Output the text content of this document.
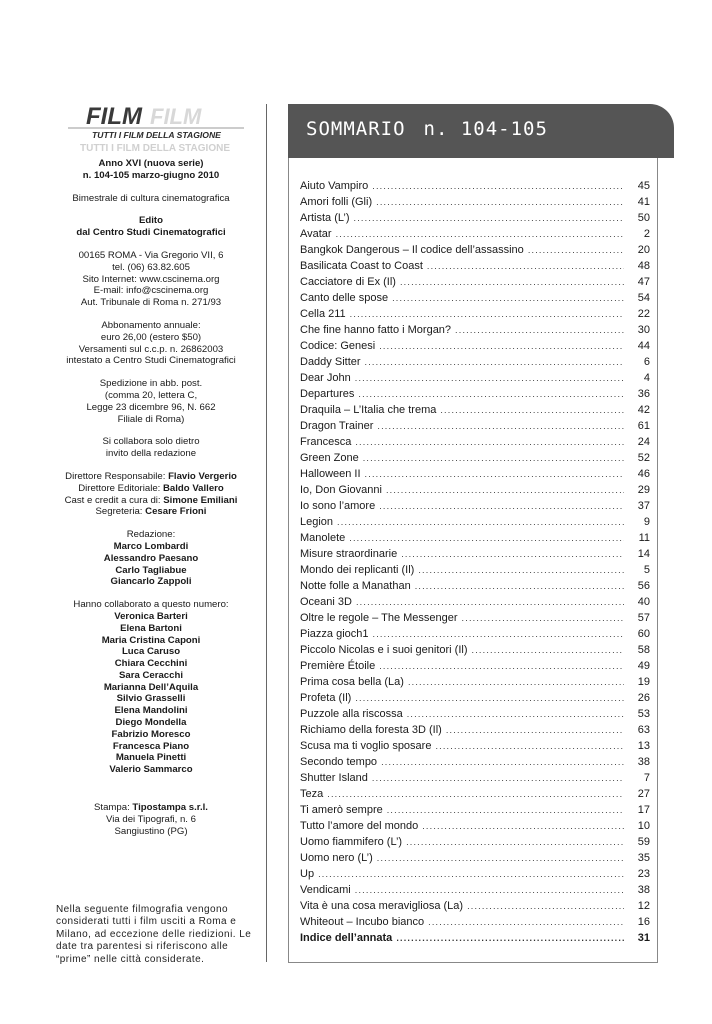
FILM
FILM
TUTTI I FILM DELLA STAGIONE
TUTTI I FILM DELLA STAGIONE
Anno XVI (nuova serie)
n. 104-105 marzo-giugno 2010
Bimestrale di cultura cinematografica
Edito
dal Centro Studi Cinematografici
00165 ROMA - Via Gregorio VII, 6
tel. (06) 63.82.605
Sito Internet: www.cscinema.org
E-mail: info@cscinema.org
Aut. Tribunale di Roma n. 271/93
Abbonamento annuale:
euro 26,00 (estero $50)
Versamenti sul c.c.p. n. 26862003
intestato a Centro Studi Cinematografici
Spedizione in abb. post.
(comma 20, lettera C,
Legge 23 dicembre 96, N. 662
Filiale di Roma)
Si collabora solo dietro
invito della redazione
Direttore Responsabile: Flavio Vergerio
Direttore Editoriale: Baldo Vallero
Cast e credit a cura di: Simone Emiliani
Segreteria: Cesare Frioni
Redazione:
Marco Lombardi
Alessandro Paesano
Carlo Tagliabue
Giancarlo Zappoli
Hanno collaborato a questo numero:
Veronica Barteri
Elena Bartoni
Maria Cristina Caponi
Luca Caruso
Chiara Cecchini
Sara Ceracchi
Marianna Dell’Aquila
Silvio Grasselli
Elena Mandolini
Diego Mondella
Fabrizio Moresco
Francesca Piano
Manuela Pinetti
Valerio Sammarco
Stampa: Tipostampa s.r.l.
Via dei Tipografi, n. 6
Sangiustino (PG)
Nella seguente filmografia vengono considerati tutti i film usciti a Roma e Milano, ad eccezione delle riedizioni. Le date tra parentesi si riferiscono alle “prime” nelle città considerate.
SOMMARIO n. 104-105
Aiuto Vampiro .....	45
Amori folli (Gli) .....	41
Artista (L’) .....	50
Avatar .....	2
Bangkok Dangerous – Il codice dell’assassino .....	20
Basilicata Coast to Coast .....	48
Cacciatore di Ex (Il) .....	47
Canto delle spose .....	54
Cella 211 .....	22
Che fine hanno fatto i Morgan? .....	30
Codice: Genesi .....	44
Daddy Sitter .....	6
Dear John .....	4
Departures .....	36
Draquila – L’Italia che trema .....	42
Dragon Trainer .....	61
Francesca .....	24
Green Zone .....	52
Halloween II .....	46
Io, Don Giovanni .....	29
Io sono l’amore .....	37
Legion .....	9
Manolete .....	11
Misure straordinarie .....	14
Mondo dei replicanti (Il) .....	5
Notte folle a Manathan .....	56
Oceani 3D .....	40
Oltre le regole – The Messenger .....	57
Piazza gioch1 .....	60
Piccolo Nicolas e i suoi genitori (Il) .....	58
Première Étoile .....	49
Prima cosa bella (La) .....	19
Profeta (Il) .....	26
Puzzole alla riscossa .....	53
Richiamo della foresta 3D (Il) .....	63
Scusa ma ti voglio sposare .....	13
Secondo tempo .....	38
Shutter Island .....	7
Teza .....	27
Ti amerò sempre .....	17
Tutto l’amore del mondo .....	10
Uomo fiammifero (L’) .....	59
Uomo nero (L’) .....	35
Up .....	23
Vendicami .....	38
Vita è una cosa meravigliosa (La) .....	12
Whiteout – Incubo bianco .....	16
Indice dell’annata .....	31
